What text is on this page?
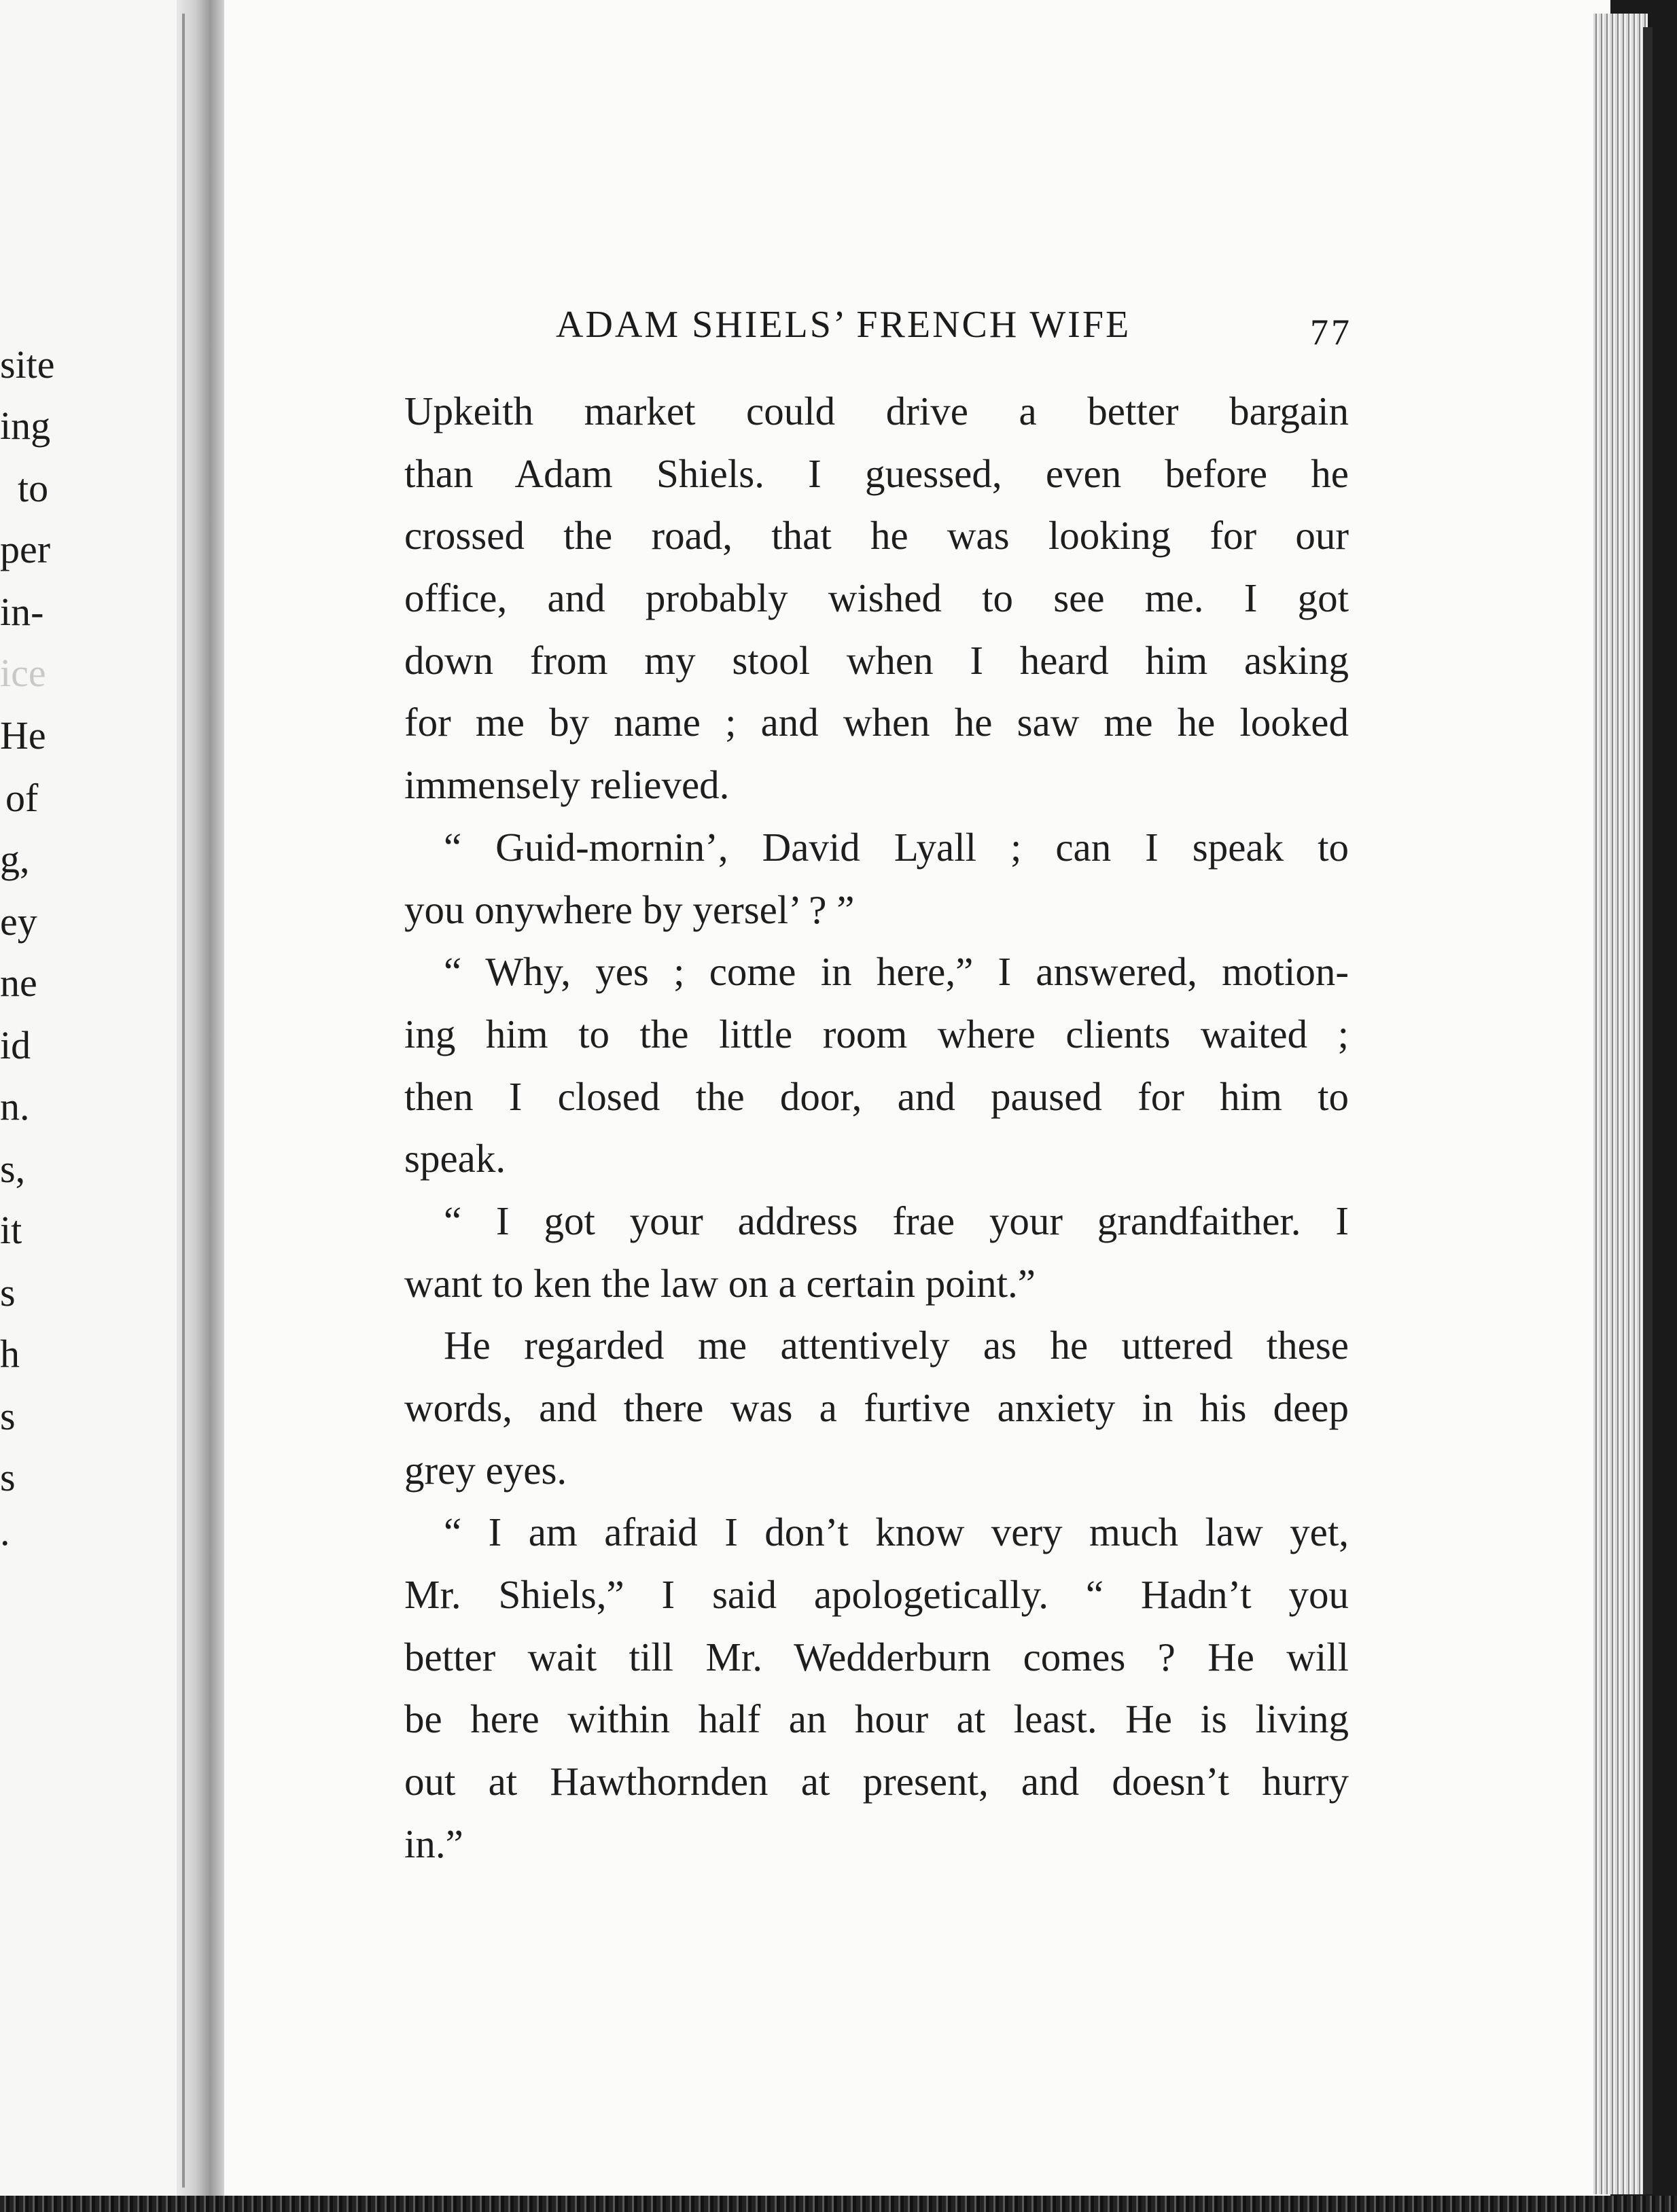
site
ing
to
per
in-
ice
He
of
g,
ey
ne
id
n.
s,
it
s
h
s
s
.
ADAM SHIELS’ FRENCH WIFE	77
Upkeith market could drive a better bargain
than Adam Shiels. I guessed, even before he
crossed the road, that he was looking for our
office, and probably wished to see me. I got
down from my stool when I heard him asking
for me by name ; and when he saw me he looked
immensely relieved.
“ Guid-mornin’, David Lyall ; can I speak to
you onywhere by yersel’ ? ”
“ Why, yes ; come in here,” I answered, motion-
ing him to the little room where clients waited ;
then I closed the door, and paused for him to
speak.
“ I got your address frae your grandfaither. I
want to ken the law on a certain point.”
He regarded me attentively as he uttered these
words, and there was a furtive anxiety in his deep
grey eyes.
“ I am afraid I don’t know very much law yet,
Mr. Shiels,” I said apologetically. “ Hadn’t you
better wait till Mr. Wedderburn comes ? He will
be here within half an hour at least. He is living
out at Hawthornden at present, and doesn’t hurry
in.”
